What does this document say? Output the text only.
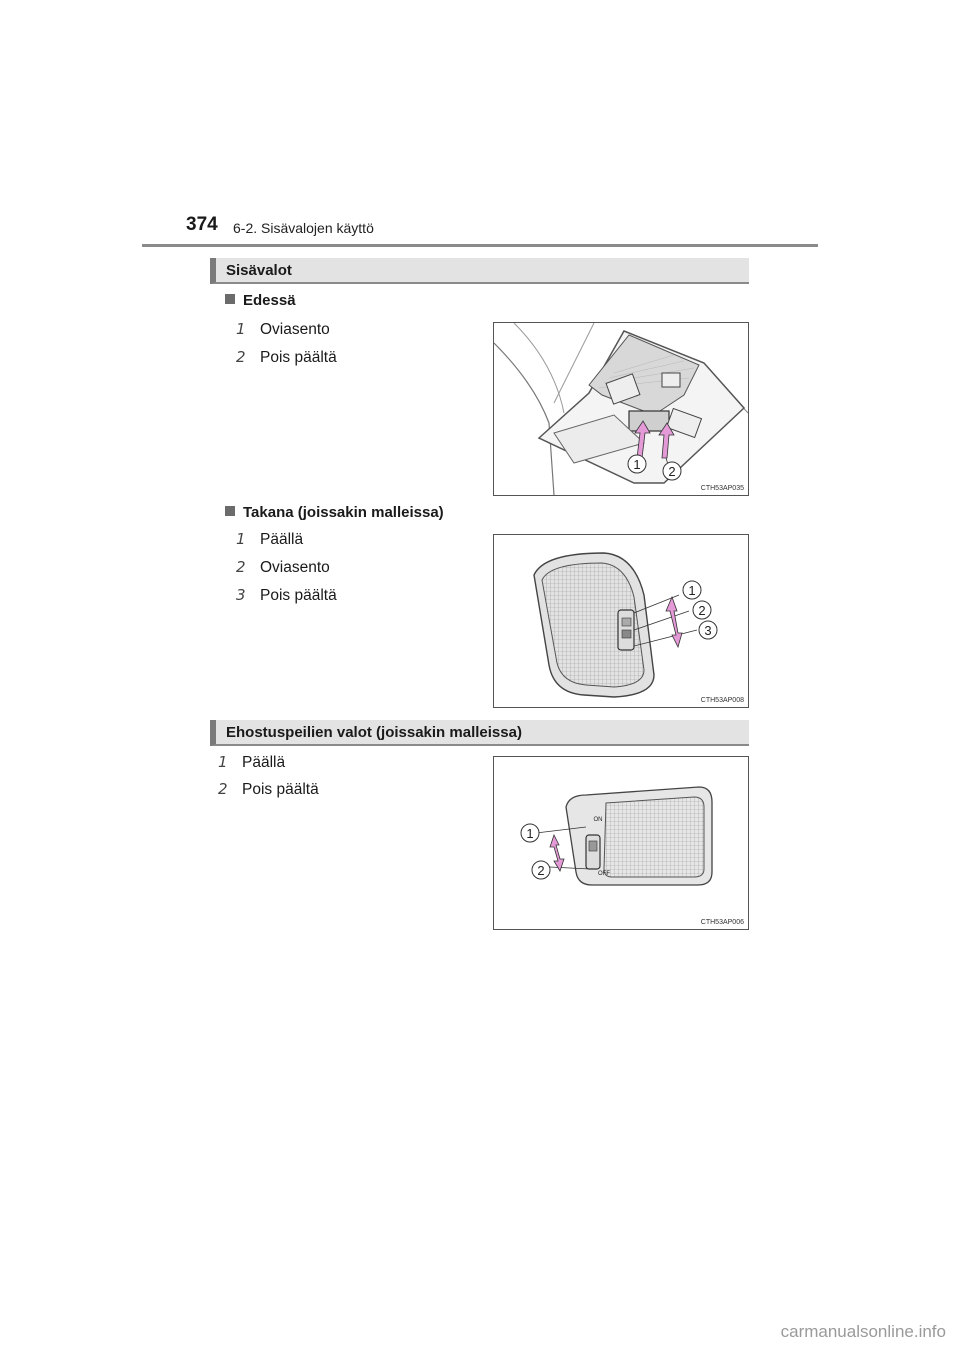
374 6-2. Sisävalojen käyttö
Sisävalot
Edessä
1 Oviasento
2 Pois päältä
1 2
CTH53AP035
Takana (joissakin malleissa)
1 Päällä
2 Oviasento
3 Pois päältä	1
2
3
CTH53AP008
Ehostuspeilien valot (joissakin malleissa)
1 Päällä
2 Pois päältä
ON
OFF
1
2
CTH53AP006
carmanualsonline.info
